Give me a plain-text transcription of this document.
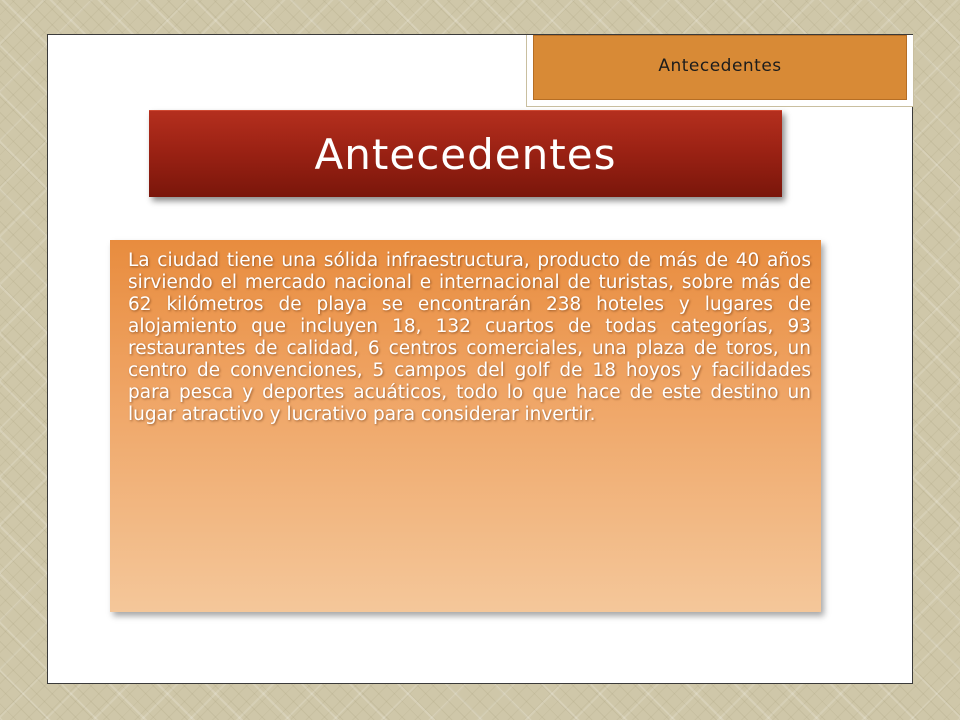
Antecedentes
Antecedentes

La ciudad tiene una sólida infraestructura, producto de más de 40 años sirviendo el mercado nacional e internacional de turistas, sobre más de 62 kilómetros de playa se encontrarán 238 hoteles y lugares de alojamiento que incluyen 18, 132 cuartos de todas categorías, 93 restaurantes de calidad, 6 centros comerciales, una plaza de toros, un centro de convenciones, 5 campos del golf de 18 hoyos y facilidades para pesca y deportes acuáticos, todo lo que hace de este destino un lugar atractivo y lucrativo para considerar invertir.
